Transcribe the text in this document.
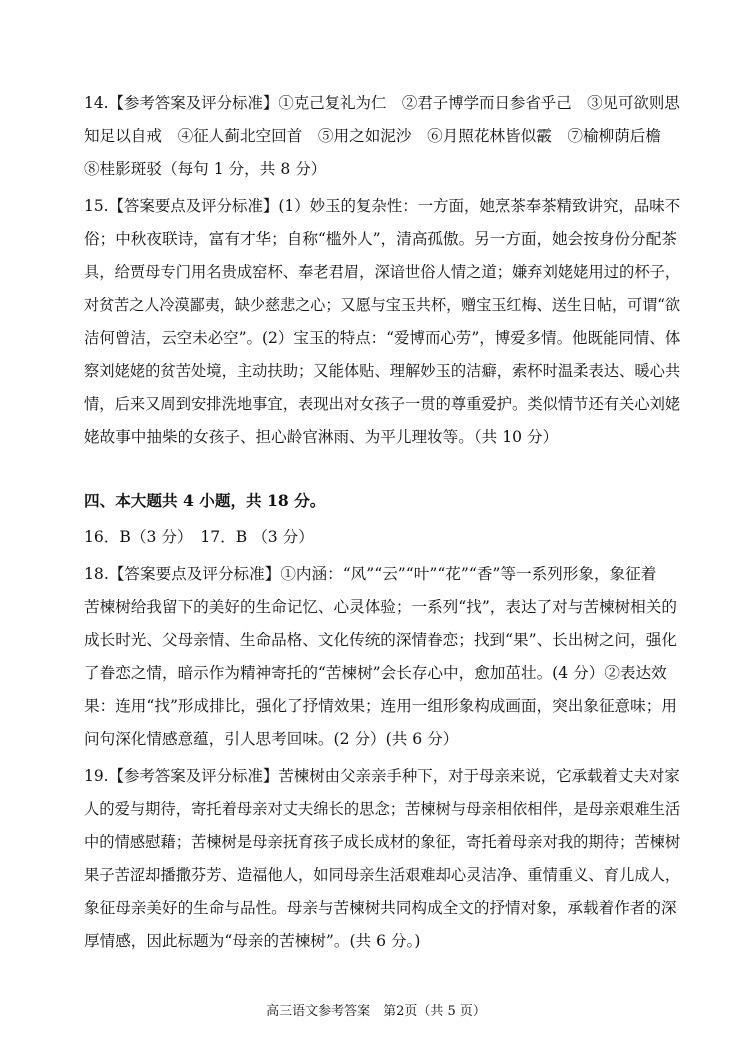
14.【参考答案及评分标准】①克己复礼为仁　②君子博学而日参省乎己　③见可欲则思
知足以自戒　④征人蓟北空回首　⑤用之如泥沙　⑥月照花林皆似霰　⑦榆柳荫后檐
⑧桂影斑驳（每句 1 分，共 8 分）
15.【答案要点及评分标准】(1）妙玉的复杂性：一方面，她烹茶奉茶精致讲究，品味不
俗；中秋夜联诗，富有才华；自称“槛外人”，清高孤傲。另一方面，她会按身份分配茶
具，给贾母专门用名贵成窑杯、奉老君眉，深谙世俗人情之道；嫌弃刘姥姥用过的杯子，
对贫苦之人冷漠鄙夷，缺少慈悲之心；又愿与宝玉共杯，赠宝玉红梅、送生日帖，可谓“欲
洁何曾洁，云空未必空”。(2）宝玉的特点：“爱博而心劳”，博爱多情。他既能同情、体
察刘姥姥的贫苦处境，主动扶助；又能体贴、理解妙玉的洁癖，索杯时温柔表达、暖心共
情，后来又周到安排洗地事宜，表现出对女孩子一贯的尊重爱护。类似情节还有关心刘姥
姥故事中抽柴的女孩子、担心龄官淋雨、为平儿理妆等。（共 10 分）
四、本大题共 4 小题，共 18 分。
16．B（3 分）　17．B （3 分）
18.【答案要点及评分标准】①内涵：“风”“云”“叶”“花”“香”等一系列形象，象征着
苦楝树给我留下的美好的生命记忆、心灵体验；一系列“找”，表达了对与苦楝树相关的
成长时光、父母亲情、生命品格、文化传统的深情眷恋；找到“果”、长出树之问，强化
了眷恋之情，暗示作为精神寄托的“苦楝树”会长存心中，愈加茁壮。(4 分）②表达效
果：连用“找”形成排比，强化了抒情效果；连用一组形象构成画面，突出象征意味；用
问句深化情感意蕴，引人思考回味。(2 分）(共 6 分）
19.【参考答案及评分标准】苦楝树由父亲亲手种下，对于母亲来说，它承载着丈夫对家
人的爱与期待，寄托着母亲对丈夫绵长的思念；苦楝树与母亲相依相伴，是母亲艰难生活
中的情感慰藉；苦楝树是母亲抚育孩子成长成材的象征，寄托着母亲对我的期待；苦楝树
果子苦涩却播撒芬芳、造福他人，如同母亲生活艰难却心灵洁净、重情重义、育儿成人，
象征母亲美好的生命与品性。母亲与苦楝树共同构成全文的抒情对象，承载着作者的深
厚情感，因此标题为“母亲的苦楝树”。(共 6 分。)
高三语文参考答案　第2页（共 5 页）
